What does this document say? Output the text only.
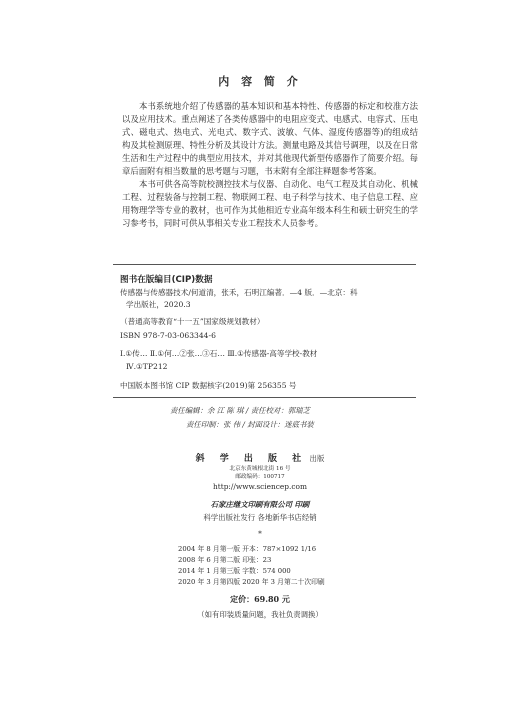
内 容 简 介

本书系统地介绍了传感器的基本知识和基本特性、传感器的标定和校准方法以及应用技术。重点阐述了各类传感器中的电阻应变式、电感式、电容式、压电式、磁电式、热电式、光电式、数字式、波敏、气体、湿度传感器等)的组成结构及其检测原理、特性分析及其设计方法。测量电路及其信号调理，以及在日常生活和生产过程中的典型应用技术，并对其他现代新型传感器作了简要介绍。每章后面附有相当数量的思考题与习题，书末附有全部注释题参考答案。

本书可供各高等院校测控技术与仪器、自动化、电气工程及其自动化、机械工程、过程装备与控制工程、物联网工程、电子科学与技术、电子信息工程、应用物理学等专业的教材，也可作为其他相近专业高年级本科生和硕士研究生的学习参考书，同时可供从事相关专业工程技术人员参考。

图书在版编目(CIP)数据
传感器与传感器技术/何道清，张禾，石明江编著．—4 版．—北京：科
学出版社，2020.3
（普通高等教育“十一五”国家级规划教材）
ISBN 978-7-03-063344-6
Ⅰ.①传… Ⅱ.①何…②张…③石… Ⅲ.①传感器-高等学校-教材
Ⅳ.①TP212
中国版本图书馆 CIP 数据核字(2019)第 256355 号
责任编辑：余 江 陈 琪 / 责任校对：郭瑞芝
责任印制：张 伟 / 封面设计：迷底书装
斜 学 出 版 社 出版
北京东黄城根北街 16 号
邮政编码：100717
http://www.sciencep.com
石家庄继文印刷有限公司 印刷
科学出版社发行 各地新华书店经销
*
2004 年 8 月第一版 开本：787×1092 1/16
2008 年 6 月第二版 印张：23
2014 年 1 月第三版 字数：574 000
2020 年 3 月第四版 2020 年 3 月第二十次印刷
定价：69.80 元
（如有印装质量问题，我社负责调换）
